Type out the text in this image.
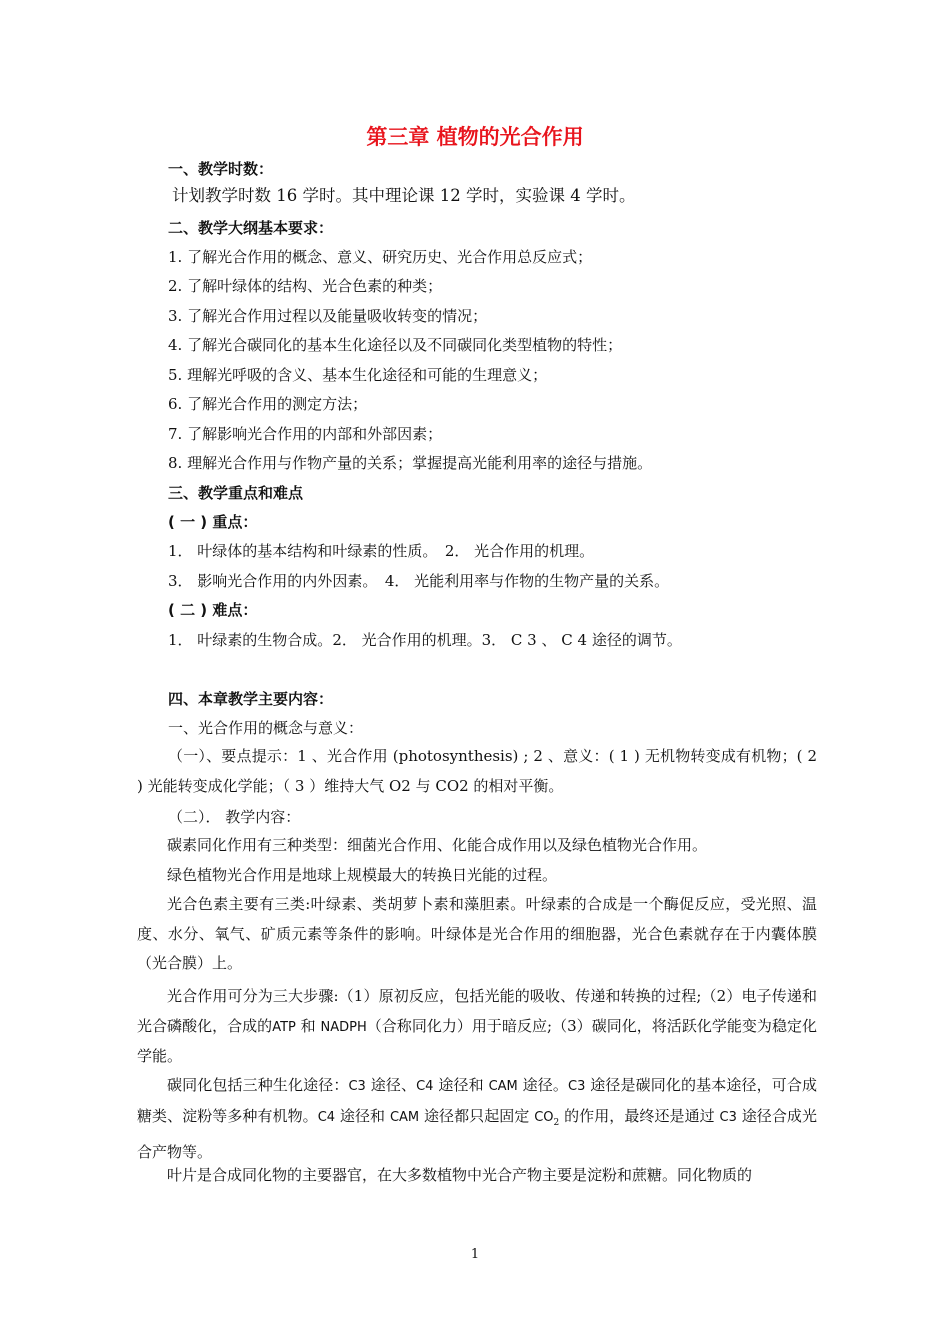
第三章 植物的光合作用
一、教学时数：
计划教学时数 16 学时。其中理论课 12 学时，实验课 4 学时。
二、教学大纲基本要求：
1. 了解光合作用的概念、意义、研究历史、光合作用总反应式；
2. 了解叶绿体的结构、光合色素的种类；
3. 了解光合作用过程以及能量吸收转变的情况；
4. 了解光合碳同化的基本生化途径以及不同碳同化类型植物的特性；
5. 理解光呼吸的含义、基本生化途径和可能的生理意义；
6. 了解光合作用的测定方法；
7. 了解影响光合作用的内部和外部因素；
8. 理解光合作用与作物产量的关系；掌握提高光能利用率的途径与措施。
三、教学重点和难点
( 一 ) 重点：
1． 叶绿体的基本结构和叶绿素的性质。　2． 光合作用的机理。
3． 影响光合作用的内外因素。　4． 光能利用率与作物的生物产量的关系。
( 二 ) 难点：
1． 叶绿素的生物合成。2． 光合作用的机理。3． C 3 、 C 4 途径的调节。
四、本章教学主要内容：
一、光合作用的概念与意义：
（一）、要点提示：1 、光合作用 (photosynthesis) ; 2 、意义：( 1 ) 无机物转变成有机物；( 2 ) 光能转变成化学能；（ 3 ）维持大气 O2 与 CO2 的相对平衡。
（二）． 教学内容：
碳素同化作用有三种类型：细菌光合作用、化能合成作用以及绿色植物光合作用。
绿色植物光合作用是地球上规模最大的转换日光能的过程。
光合色素主要有三类:叶绿素、类胡萝卜素和藻胆素。叶绿素的合成是一个酶促反应，受光照、温度、水分、氧气、矿质元素等条件的影响。叶绿体是光合作用的细胞器，光合色素就存在于内囊体膜（光合膜）上。
光合作用可分为三大步骤:（1）原初反应，包括光能的吸收、传递和转换的过程;（2）电子传递和光合磷酸化，合成的ATP 和 NADPH（合称同化力）用于暗反应;（3）碳同化，将活跃化学能变为稳定化学能。
碳同化包括三种生化途径：C3 途径、C4 途径和 CAM 途径。C3 途径是碳同化的基本途径，可合成糖类、淀粉等多种有机物。C4 途径和 CAM 途径都只起固定 $CO_2$ 的作用，最终还是通过 C3 途径合成光合产物等。
叶片是合成同化物的主要器官，在大多数植物中光合产物主要是淀粉和蔗糖。同化物质的
1
